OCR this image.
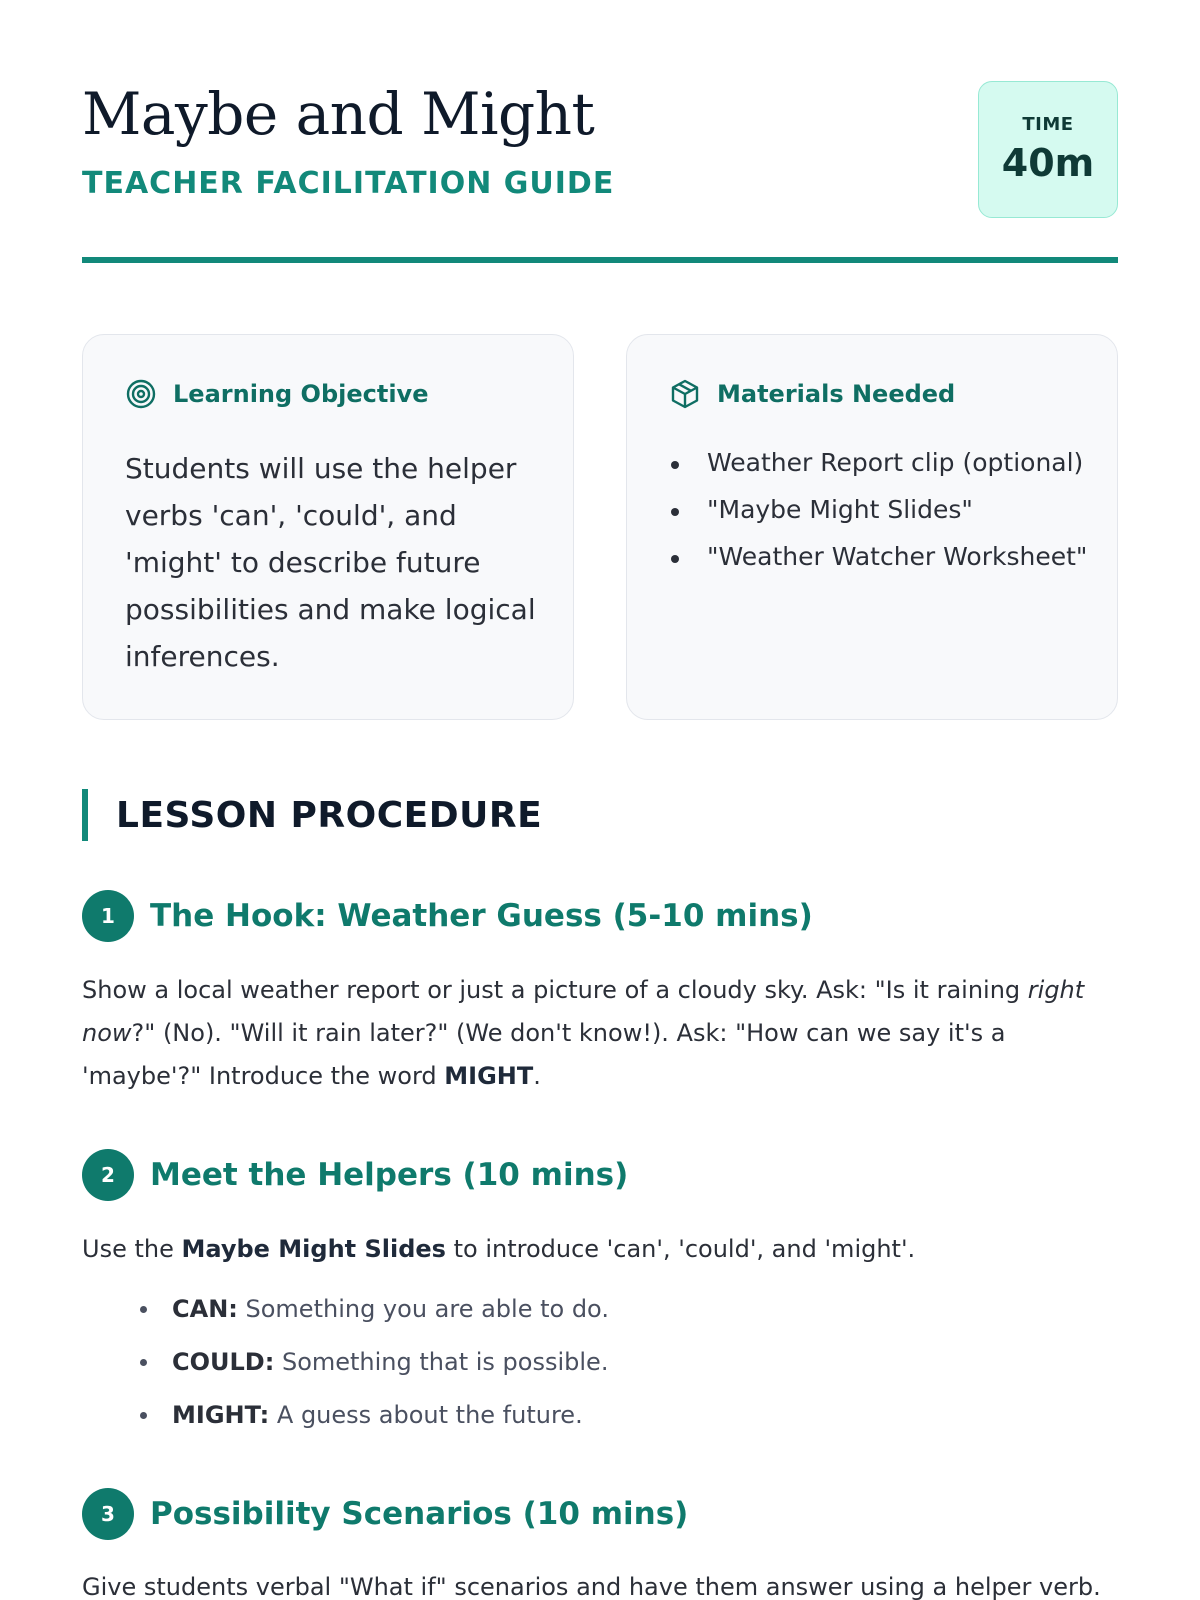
Maybe and Might
TEACHER FACILITATION GUIDE
TIME
40m
Learning Objective

Students will use the helper verbs 'can', 'could', and 'might' to describe future possibilities and make logical inferences.

Materials Needed
Weather Report clip (optional)
"Maybe Might Slides"
"Weather Watcher Worksheet"
LESSON PROCEDURE
1	The Hook: Weather Guess (5-10 mins)

Show a local weather report or just a picture of a cloudy sky. Ask: "Is it raining right now?" (No). "Will it rain later?" (We don't know!). Ask: "How can we say it's a 'maybe'?" Introduce the word MIGHT.

2	Meet the Helpers (10 mins)

Use the Maybe Might Slides to introduce 'can', 'could', and 'might'.

CAN: Something you are able to do.
COULD: Something that is possible.
MIGHT: A guess about the future.
3	Possibility Scenarios (10 mins)

Give students verbal "What if" scenarios and have them answer using a helper verb.
